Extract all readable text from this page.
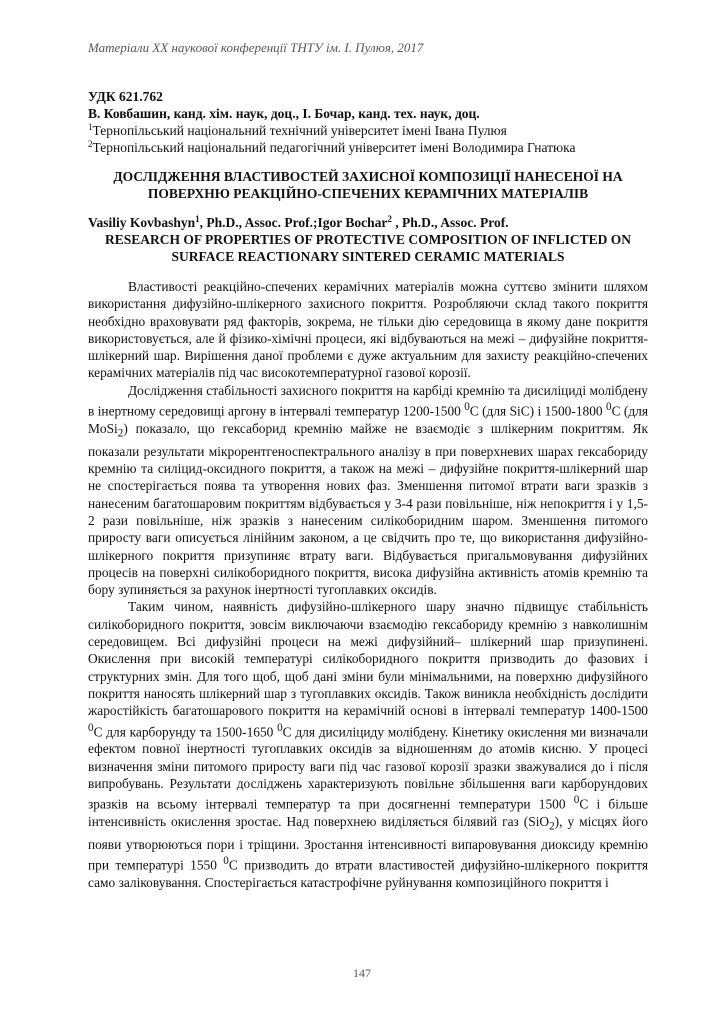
Матеріали ХХ наукової конференції ТНТУ ім. І. Пулюя, 2017
УДК 621.762
В. Ковбашин, канд. хім. наук, доц., І. Бочар, канд. тех. наук, доц.
$^1$Тернопільський національний технічний університет імені Івана Пулюя
$^2$Тернопільський національний педагогічний університет імені Володимира Гнатюка
ДОСЛІДЖЕННЯ ВЛАСТИВОСТЕЙ ЗАХИСНОЇ КОМПОЗИЦІЇ НАНЕСЕНОЇ НА ПОВЕРХНЮ РЕАКЦІЙНО-СПЕЧЕНИХ КЕРАМІЧНИХ МАТЕРІАЛІВ
Vasiliy Kovbashyn$^1$, Ph.D., Assoc. Prof.;Igor Bochar$^2$ , Ph.D., Assoc. Prof.
RESEARCH OF PROPERTIES OF PROTECTIVE COMPOSITION OF INFLICTED ON SURFACE REACTIONARY SINTERED CERAMIC MATERIALS

Властивості реакційно-спечених керамічних матеріалів можна суттєво змінити шляхом використання дифузійно-шлікерного захисного покриття. Розробляючи склад такого покриття необхідно враховувати ряд факторів, зокрема, не тільки дію середовища в якому дане покриття використовується, але й фізико-хімічні процеси, які відбуваються на межі – дифузійне покриття-шлікерний шар. Вирішення даної проблеми є дуже актуальним для захисту реакційно-спечених керамічних матеріалів під час високотемпературної газової корозії.

Дослідження стабільності захисного покриття на карбіді кремнію та дисиліциді молібдену в інертному середовищі аргону в інтервалі температур 1200-1500 $^0$С (для SiC) і 1500-1800 $^0$С (для MoSi$_2$) показало, що гексаборид кремнію майже не взаємодіє з шлікерним покриттям. Як показали результати мікрорентгеноспектрального аналізу в при поверхневих шарах гексабориду кремнію та силіцид-оксидного покриття, а також на межі – дифузійне покриття-шлікерний шар не спостерігається поява та утворення нових фаз. Зменшення питомої втрати ваги зразків з нанесеним багатошаровим покриттям відбувається у 3-4 рази повільніше, ніж непокриття і у 1,5-2 рази повільніше, ніж зразків з нанесеним силікоборидним шаром. Зменшення питомого приросту ваги описується лінійним законом, а це свідчить про те, що використання дифузійно-шлікерного покриття призупиняє втрату ваги. Відбувається пригальмовування дифузійних процесів на поверхні силікоборидного покриття, висока дифузійна активність атомів кремнію та бору зупиняється за рахунок інертності тугоплавких оксидів.

Таким чином, наявність дифузійно-шлікерного шару значно підвищує стабільність силікоборидного покриття, зовсім виключаючи взаємодію гексабориду кремнію з навколишнім середовищем. Всі дифузійні процеси на межі дифузійний– шлікерний шар призупинені. Окислення при високій температурі силікоборидного покриття призводить до фазових і структурних змін. Для того щоб, щоб дані зміни були мінімальними, на поверхню дифузійного покриття наносять шлікерний шар з тугоплавких оксидів. Також виникла необхідність дослідити жаростійкість багатошарового покриття на керамічній основі в інтервалі температур 1400-1500 $^0$С для карборунду та 1500-1650 $^0$С для дисиліциду молібдену. Кінетику окислення ми визначали ефектом повної інертності тугоплавких оксидів за відношенням до атомів кисню. У процесі визначення зміни питомого приросту ваги під час газової корозії зразки зважувалися до і після випробувань. Результати досліджень характеризують повільне збільшення ваги карборундових зразків на всьому інтервалі температур та при досягненні температури 1500 $^0$С і більше інтенсивність окислення зростає. Над поверхнею виділяється білявий газ (SiO$_2$), у місцях його появи утворюються пори і тріщини. Зростання інтенсивності випаровування диоксиду кремнію при температурі 1550 $^0$С призводить до втрати властивостей дифузійно-шлікерного покриття само заліковування. Спостерігається катастрофічне руйнування композиційного покриття і

147
